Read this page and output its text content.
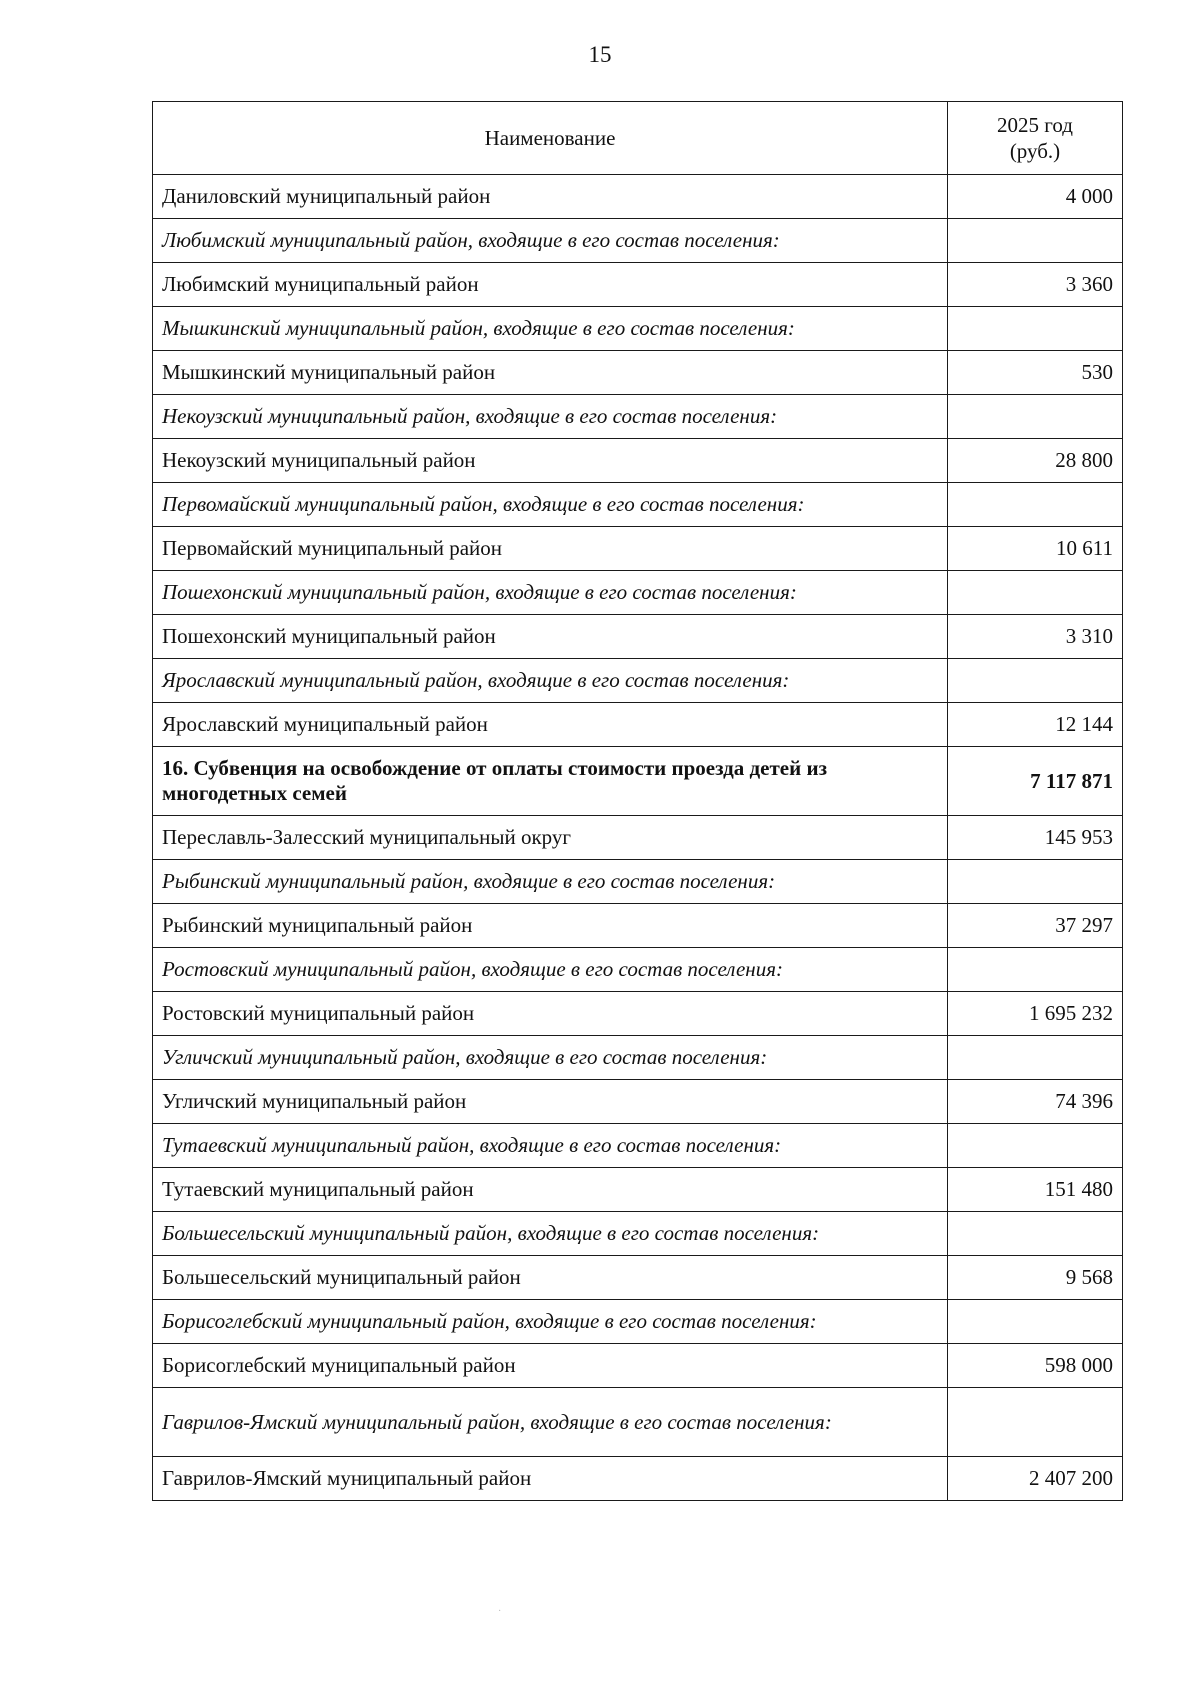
15
Наименование	2025 год
(руб.)
Даниловский муниципальный район	4 000
Любимский муниципальный район, входящие в его состав поселения:	
Любимский муниципальный район	3 360
Мышкинский муниципальный район, входящие в его состав поселения:	
Мышкинский муниципальный район	530
Некоузский муниципальный район, входящие в его состав поселения:	
Некоузский муниципальный район	28 800
Первомайский муниципальный район, входящие в его состав поселения:	
Первомайский муниципальный район	10 611
Пошехонский муниципальный район, входящие в его состав поселения:	
Пошехонский муниципальный район	3 310
Ярославский муниципальный район, входящие в его состав поселения:	
Ярославский муниципальный район	12 144
16. Субвенция на освобождение от оплаты стоимости проезда детей из многодетных семей	7 117 871
Переславль-Залесский муниципальный округ	145 953
Рыбинский муниципальный район, входящие в его состав поселения:	
Рыбинский муниципальный район	37 297
Ростовский муниципальный район, входящие в его состав поселения:	
Ростовский муниципальный район	1 695 232
Угличский муниципальный район, входящие в его состав поселения:	
Угличский муниципальный район	74 396
Тутаевский муниципальный район, входящие в его состав поселения:	
Тутаевский муниципальный район	151 480
Большесельский муниципальный район, входящие в его состав поселения:	
Большесельский муниципальный район	9 568
Борисоглебский муниципальный район, входящие в его состав поселения:	
Борисоглебский муниципальный район	598 000
Гаврилов-Ямский муниципальный район, входящие в его состав поселения:	
Гаврилов-Ямский муниципальный район	2 407 200
·
